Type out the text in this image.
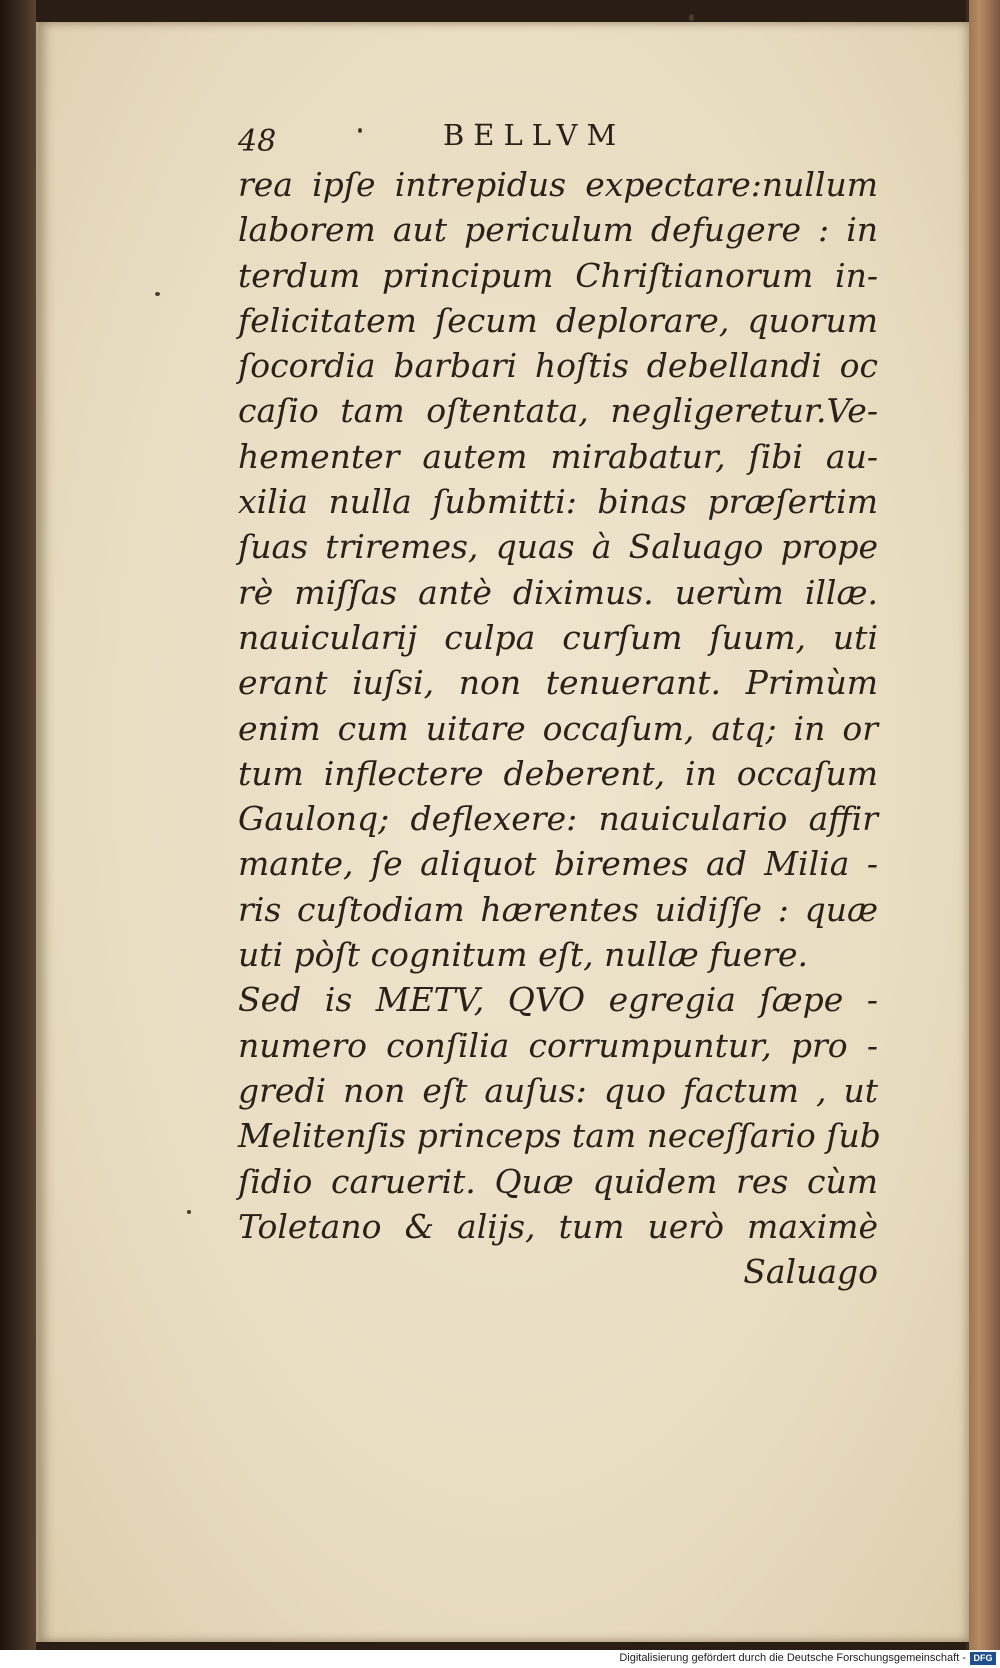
48	BELLVM
rea ipſe intrepidus expectare:nullum
laborem aut periculum defugere : in
terdum principum Chriſtianorum in-
felicitatem ſecum deplorare, quorum
ſocordia barbari hoſtis debellandi oc
caſio tam oſtentata, negligeretur.Ve-
hementer autem mirabatur, ſibi au-
xilia nulla ſubmitti: binas præſertim
ſuas triremes, quas à Saluago prope
rè miſſas antè diximus. uerùm illæ.
nauicularij culpa curſum ſuum, uti
erant iuſsi, non tenuerant. Primùm
enim cum uitare occaſum, atq; in or
tum inflectere deberent, in occaſum
Gaulonq; deflexere: nauiculario affir
mante, ſe aliquot biremes ad Milia -
ris cuſtodiam hærentes uidiſſe : quæ
uti pòſt cognitum eſt, nullæ fuere.
Sed is METV, QVO egregia ſæpe -
numero conſilia corrumpuntur, pro -
gredi non eſt auſus: quo factum , ut
Melitenſis princeps tam neceſſario ſub
ſidio caruerit. Quæ quidem res cùm
Toletano & alijs, tum uerò maximè
Saluago
Digitalisierung gefördert durch die Deutsche Forschungsgemeinschaft - DFG
